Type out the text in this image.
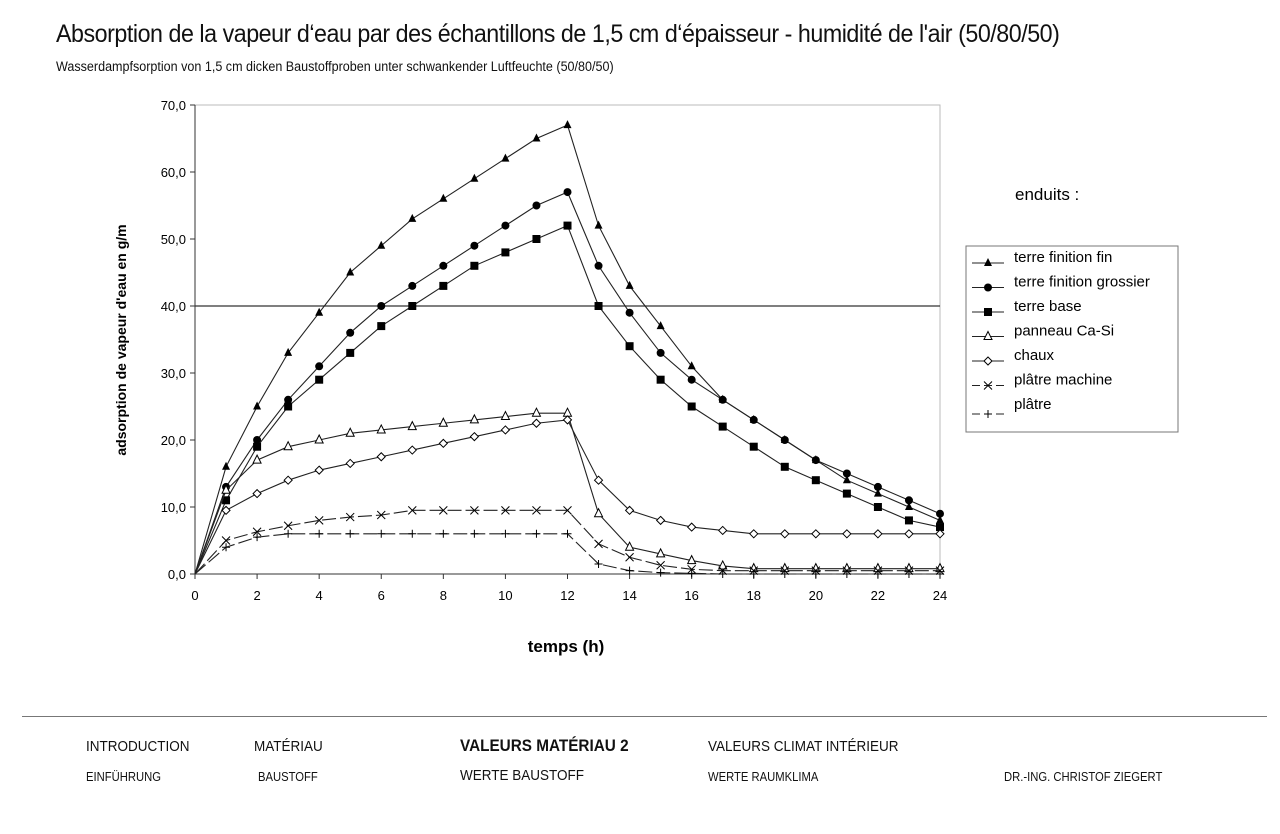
Absorption de la vapeur d‘eau par des échantillons de 1,5 cm d‘épaisseur - humidité de l'air (50/80/50)
Wasserdampfsorption von 1,5 cm dicken Baustoffproben unter schwankender Luftfeuchte (50/80/50)
0,0
10,0
20,0
30,0
40,0
50,0
60,0
70,0
0	2	4	6	8	10	12	14	16	18	20	22	24
temps (h)
adsorption de vapeur d'eau en g/m
enduits :
terre finition fin
terre finition grossier
terre base
panneau Ca-Si
chaux
plâtre machine
plâtre
INTRODUCTION
EINFÜHRUNG
MATÉRIAU
BAUSTOFF
VALEURS MATÉRIAU 2
WERTE BAUSTOFF
VALEURS CLIMAT INTÉRIEUR
WERTE RAUMKLIMA	DR.-ING. CHRISTOF ZIEGERT
